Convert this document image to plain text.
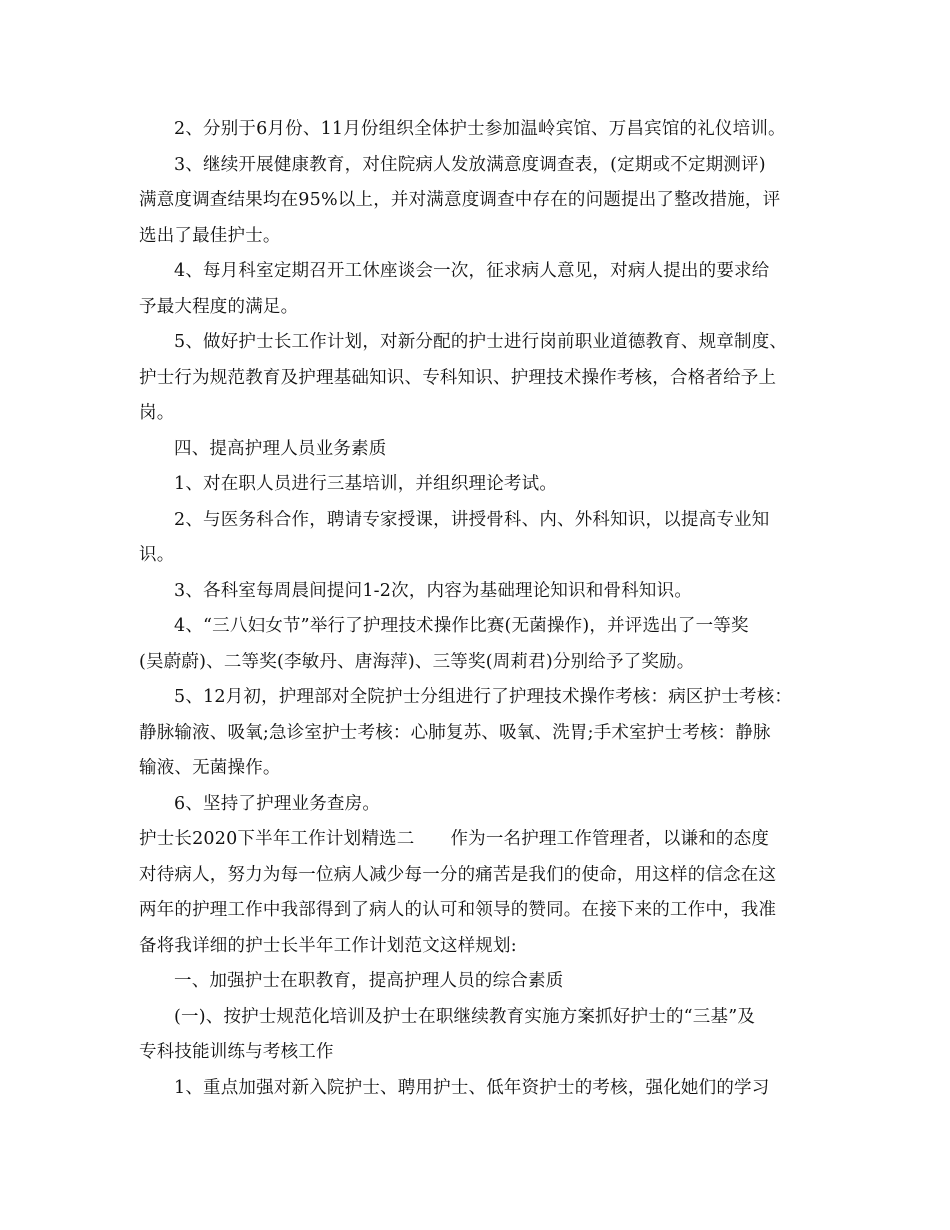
2、分别于6月份、11月份组织全体护士参加温岭宾馆、万昌宾馆的礼仪培训。
3、继续开展健康教育，对住院病人发放满意度调查表，(定期或不定期测评)
满意度调查结果均在95%以上，并对满意度调查中存在的问题提出了整改措施，评
选出了最佳护士。
4、每月科室定期召开工休座谈会一次，征求病人意见，对病人提出的要求给
予最大程度的满足。
5、做好护士长工作计划，对新分配的护士进行岗前职业道德教育、规章制度、
护士行为规范教育及护理基础知识、专科知识、护理技术操作考核，合格者给予上
岗。
四、提高护理人员业务素质
1、对在职人员进行三基培训，并组织理论考试。
2、与医务科合作，聘请专家授课，讲授骨科、内、外科知识，以提高专业知
识。
3、各科室每周晨间提问1-2次，内容为基础理论知识和骨科知识。
4、“三八妇女节”举行了护理技术操作比赛(无菌操作)，并评选出了一等奖
(吴蔚蔚)、二等奖(李敏丹、唐海萍)、三等奖(周莉君)分别给予了奖励。
5、12月初，护理部对全院护士分组进行了护理技术操作考核：病区护士考核：
静脉输液、吸氧;急诊室护士考核：心肺复苏、吸氧、洗胃;手术室护士考核：静脉
输液、无菌操作。
6、坚持了护理业务查房。
护士长2020下半年工作计划精选二 作为一名护理工作管理者，以谦和的态度
对待病人，努力为每一位病人减少每一分的痛苦是我们的使命，用这样的信念在这
两年的护理工作中我部得到了病人的认可和领导的赞同。在接下来的工作中，我准
备将我详细的护士长半年工作计划范文这样规划:
一、加强护士在职教育，提高护理人员的综合素质
(一)、按护士规范化培训及护士在职继续教育实施方案抓好护士的“三基”及
专科技能训练与考核工作
1、重点加强对新入院护士、聘用护士、低年资护士的考核，强化她们的学习
